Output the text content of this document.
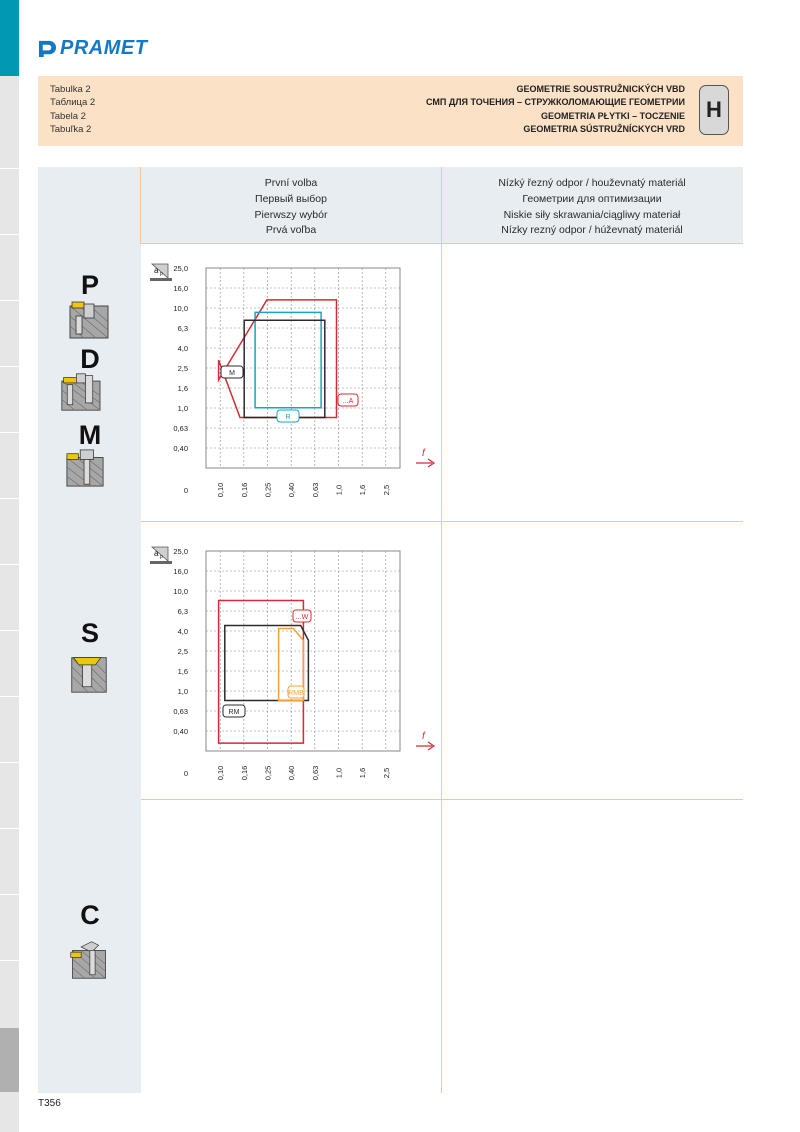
PRAMET
Tabulka 2
Таблица 2
Tabela 2
Tabuľka 2
GEOMETRIE SOUSTRUŽNICKÝCH VBD
СМП ДЛЯ ТОЧЕНИЯ – СТРУЖКОЛОМАЮЩИЕ ГЕОМЕТРИИ
GEOMETRIA PŁYTKI – TOCZENIE
GEOMETRIA SÚSTRUŽNÍCKYCH VRD
H
První volba
Первый выбор
Pierwszy wybór
Prvá voľba
Nízký řezný odpor / houževnatý materiál
Геометрии для оптимизации
Niskie siły skrawania/ciągliwy materiał
Nízky rezný odpor / húževnatý materiál
P
D
M
S
C
0,10 0,16 0,25 0,40 0,63 1,0 1,6 2,5
25,0
16,0
10,0
6,3
4,0
2,5
1,6
1,0
0,63
0,40
0
a p
f
M
...A
R
0,10 0,16 0,25 0,40 0,63 1,0 1,6 2,5
25,0
16,0
10,0
6,3
4,0
2,5
1,6
1,0
0,63
0,40
0
a p
f
...W
RM
RMB
T356
